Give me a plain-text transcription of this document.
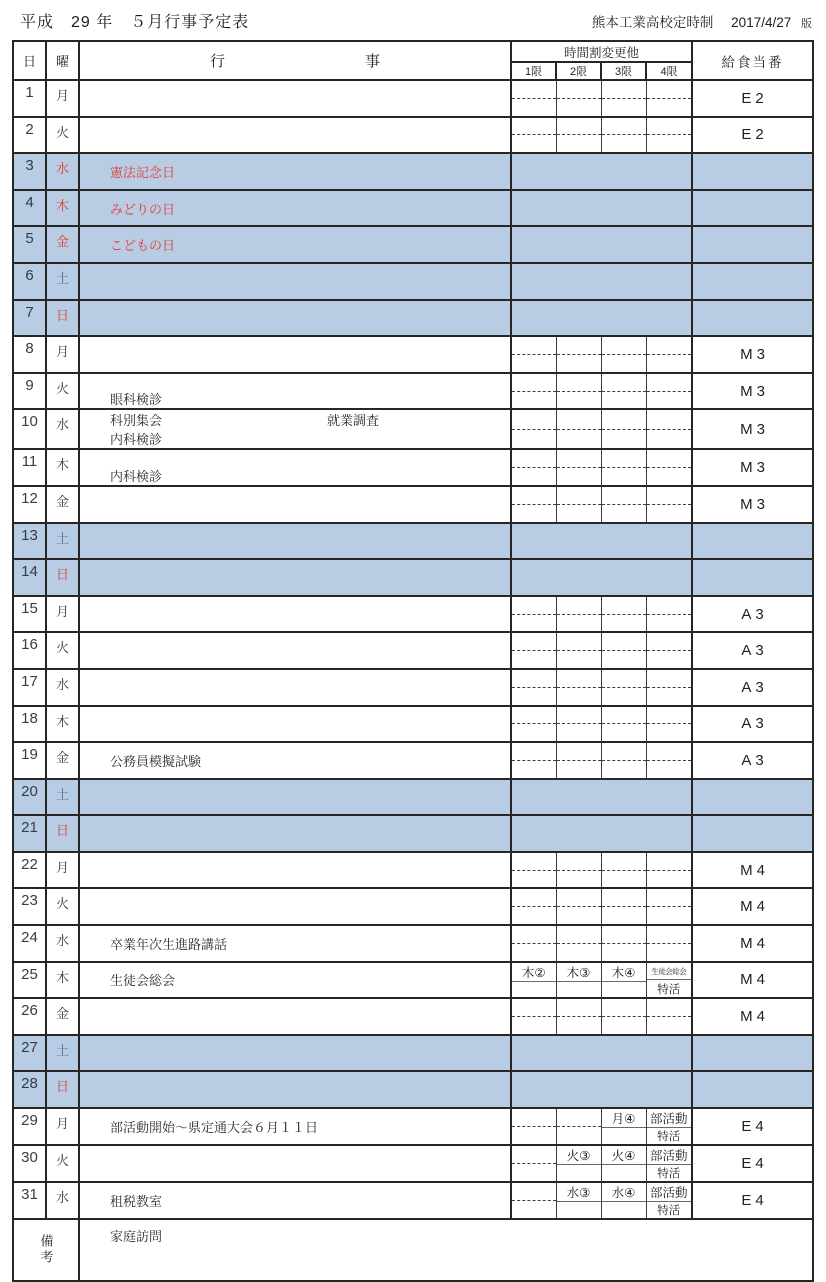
平成　29 年　５月行事予定表	熊本工業高校定時制 2017/4/27 版
日	曜	行 事	時間割変更他				給食当番
			1限	2限	3限	4限	
1	月						E2
2	火						E2
3	水	憲法記念日					

4	木	みどりの日					

5	金	こどもの日					

6	土						
7	日						
8	月						M3
9	火	眼科検診					M3
10	水	科別集会 就業調査
内科検診					M3
11	木	内科検診					M3
12	金						M3
13	土						
14	日						
15	月						A3
16	火						A3
17	水						A3
18	木						A3
19	金	公務員模擬試験					A3
20	土						
21	日						
22	月						M4
23	火						M4
24	水	卒業年次生進路講話					M4
25	木	生徒会総会	木②	木③	木④	生徒会総会
特活	M4
26	金						M4
27	土						
28	日						
29	月	部活動開始～県定通大会６月１１日			月④	部活動
特活	E4
30	火			火③	火④	部活動
特活	E4
31	水	租税教室		水③	水④	部活動
特活	E4

備考		家庭訪問					
